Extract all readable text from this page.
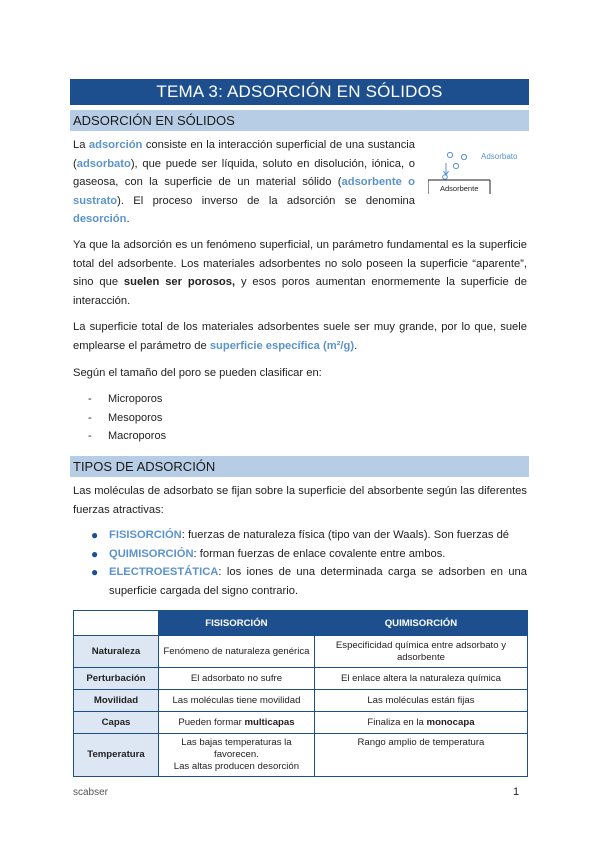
TEMA 3: ADSORCIÓN EN SÓLIDOS
ADSORCIÓN EN SÓLIDOS

La adsorción consiste en la interacción superficial de una sustancia (adsorbato), que puede ser líquida, soluto en disolución, iónica, o gaseosa, con la superficie de un material sólido (adsorbente o sustrato). El proceso inverso de la adsorción se denomina desorción.

Adsorbato
Adsorbente

Ya que la adsorción es un fenómeno superficial, un parámetro fundamental es la superficie total del adsorbente. Los materiales adsorbentes no solo poseen la superficie “aparente”, sino que suelen ser porosos, y esos poros aumentan enormemente la superficie de interacción.

La superficie total de los materiales adsorbentes suele ser muy grande, por lo que, suele emplearse el parámetro de superficie específica (m²/g).

Según el tamaño del poro se pueden clasificar en:

- Microporos
- Mesoporos
- Macroporos
TIPOS DE ADSORCIÓN

Las moléculas de adsorbato se fijan sobre la superficie del absorbente según las diferentes fuerzas atractivas:

● FISISORCIÓN: fuerzas de naturaleza física (tipo van der Waals). Son fuerzas dé
● QUIMISORCIÓN: forman fuerzas de enlace covalente entre ambos.
● ELECTROESTÁTICA: los iones de una determinada carga se adsorben en una superficie cargada del signo contrario.
	FISISORCIÓN	QUIMISORCIÓN
Naturaleza	Fenómeno de naturaleza genérica	Especificidad química entre adsorbato y adsorbente
Perturbación	El adsorbato no sufre	El enlace altera la naturaleza química
Movilidad	Las moléculas tiene movilidad	Las moléculas están fijas
Capas	Pueden formar multicapas	Finaliza en la monocapa
Temperatura	Las bajas temperaturas la favorecen.
Las altas producen desorción	Rango amplio de temperatura
scabser	1
